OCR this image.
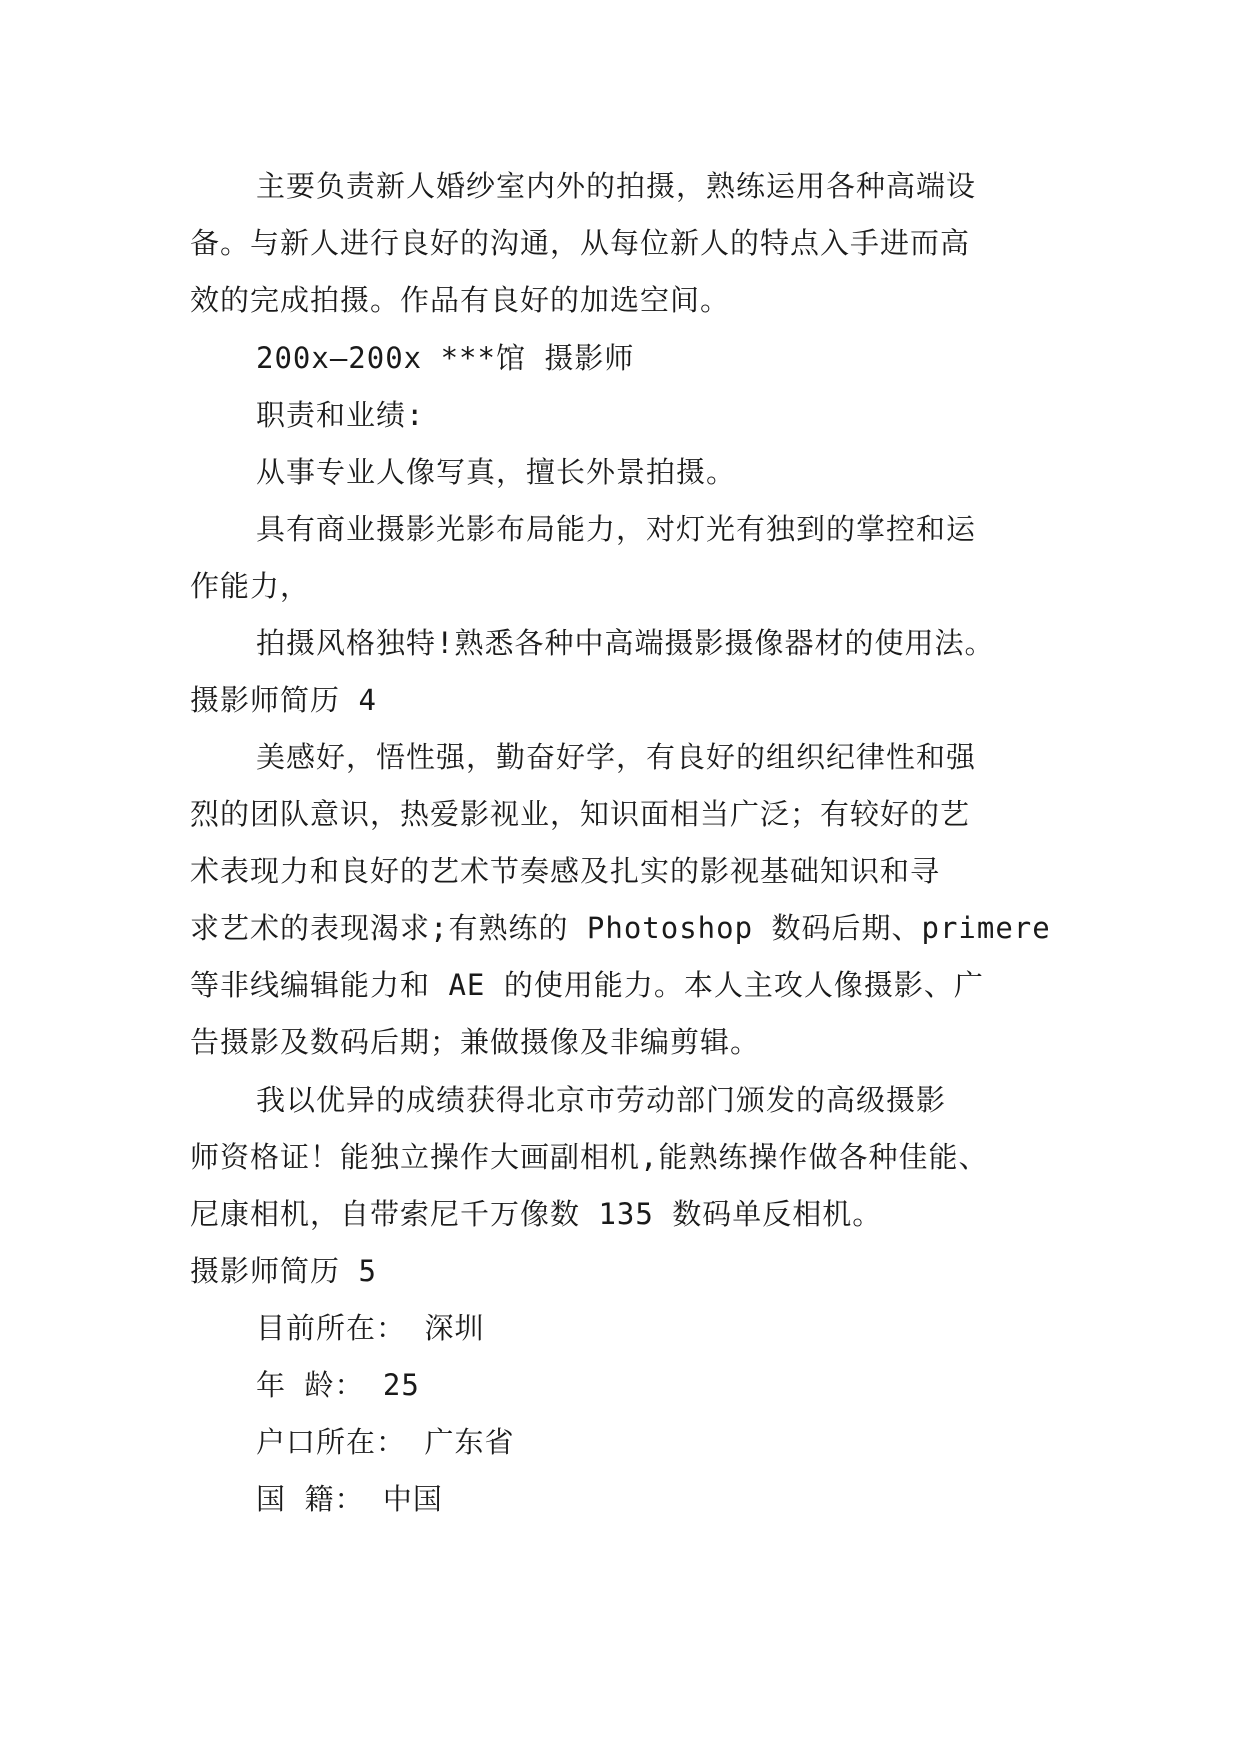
主要负责新人婚纱室内外的拍摄，熟练运用各种高端设
备。与新人进行良好的沟通，从每位新人的特点入手进而高
效的完成拍摄。作品有良好的加选空间。
200x—200x ***馆 摄影师
职责和业绩:
从事专业人像写真，擅长外景拍摄。
具有商业摄影光影布局能力，对灯光有独到的掌控和运
作能力，
拍摄风格独特!熟悉各种中高端摄影摄像器材的使用法。
摄影师简历 4
美感好，悟性强，勤奋好学，有良好的组织纪律性和强
烈的团队意识，热爱影视业，知识面相当广泛；有较好的艺
术表现力和良好的艺术节奏感及扎实的影视基础知识和寻
求艺术的表现渴求;有熟练的 Photoshop 数码后期、primere
等非线编辑能力和 AE 的使用能力。本人主攻人像摄影、广
告摄影及数码后期；兼做摄像及非编剪辑。
我以优异的成绩获得北京市劳动部门颁发的高级摄影
师资格证！能独立操作大画副相机,能熟练操作做各种佳能、
尼康相机，自带索尼千万像数 135 数码单反相机。
摄影师简历 5
目前所在： 深圳
年 龄： 25
户口所在： 广东省
国 籍： 中国
